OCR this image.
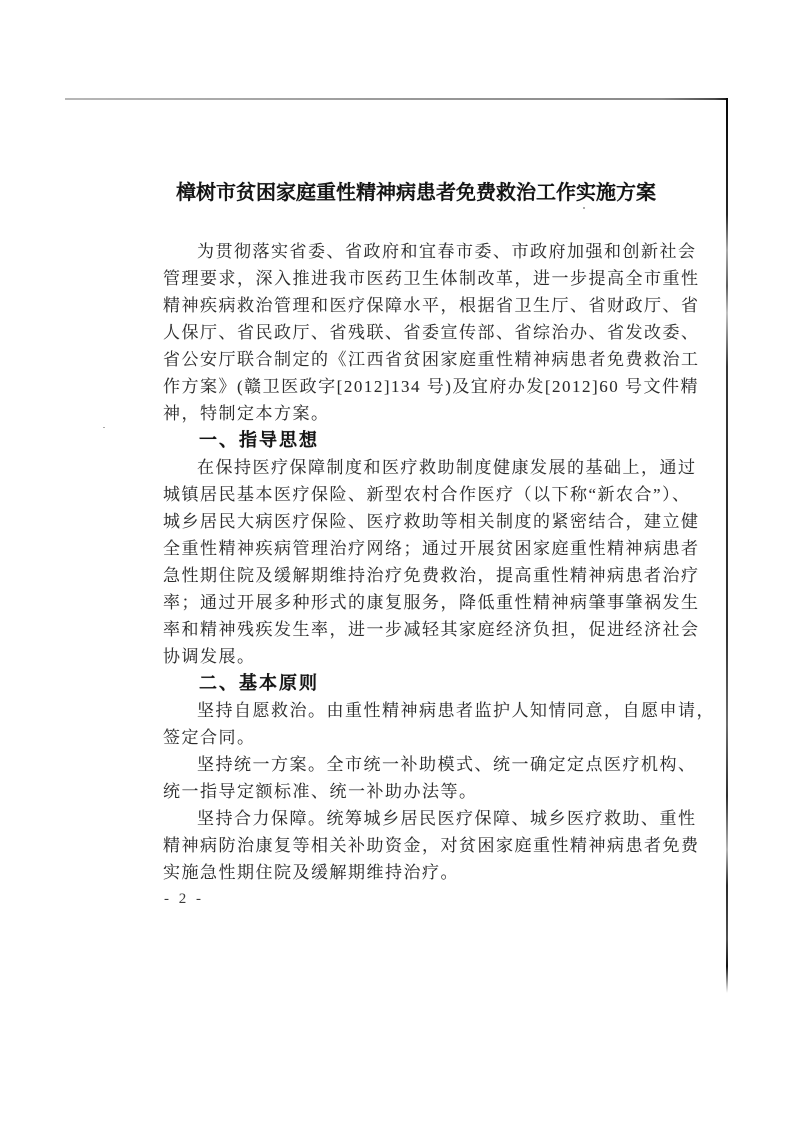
樟树市贫困家庭重性精神病患者免费救治工作实施方案
为贯彻落实省委、省政府和宜春市委、市政府加强和创新社会
管理要求，深入推进我市医药卫生体制改革，进一步提高全市重性
精神疾病救治管理和医疗保障水平，根据省卫生厅、省财政厅、省
人保厅、省民政厅、省残联、省委宣传部、省综治办、省发改委、
省公安厅联合制定的《江西省贫困家庭重性精神病患者免费救治工
作方案》(赣卫医政字[2012]134 号)及宜府办发[2012]60 号文件精
神，特制定本方案。
一、指导思想
在保持医疗保障制度和医疗救助制度健康发展的基础上，通过
城镇居民基本医疗保险、新型农村合作医疗（以下称“新农合”）、
城乡居民大病医疗保险、医疗救助等相关制度的紧密结合，建立健
全重性精神疾病管理治疗网络；通过开展贫困家庭重性精神病患者
急性期住院及缓解期维持治疗免费救治，提高重性精神病患者治疗
率；通过开展多种形式的康复服务，降低重性精神病肇事肇祸发生
率和精神残疾发生率，进一步减轻其家庭经济负担，促进经济社会
协调发展。
二、基本原则
坚持自愿救治。由重性精神病患者监护人知情同意，自愿申请，
签定合同。
坚持统一方案。全市统一补助模式、统一确定定点医疗机构、
统一指导定额标准、统一补助办法等。
坚持合力保障。统筹城乡居民医疗保障、城乡医疗救助、重性
精神病防治康复等相关补助资金，对贫困家庭重性精神病患者免费
实施急性期住院及缓解期维持治疗。
- 2 -
